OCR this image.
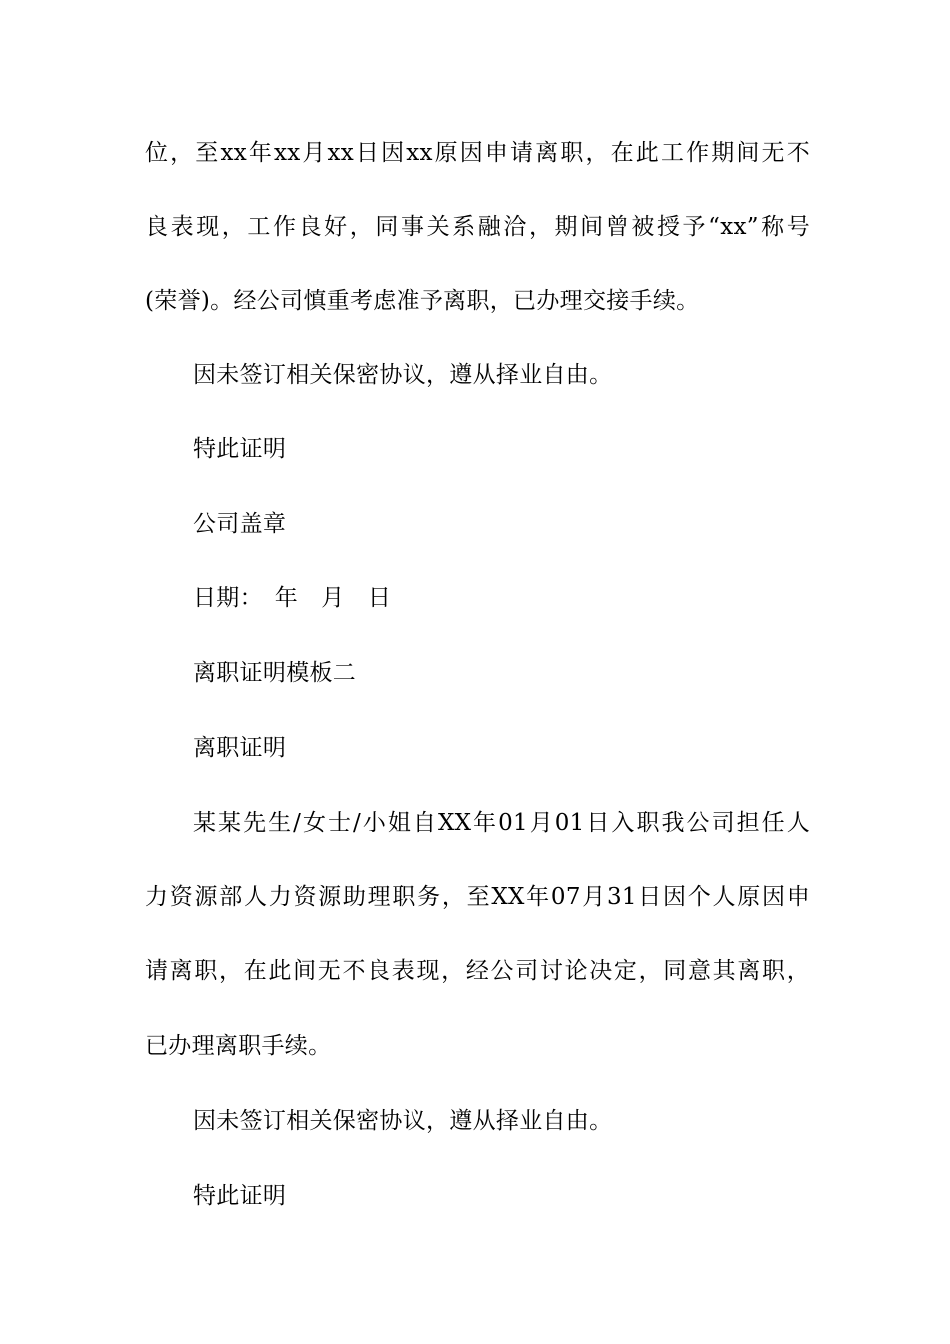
位，至xx年xx月xx日因xx原因申请离职，在此工作期间无不
良表现，工作良好，同事关系融洽，期间曾被授予“xx”称号
(荣誉)。经公司慎重考虑准予离职，已办理交接手续。
因未签订相关保密协议，遵从择业自由。
特此证明
公司盖章
日期：　年　月　日
离职证明模板二
离职证明
某某先生/女士/小姐自XX年01月01日入职我公司担任人
力资源部人力资源助理职务，至XX年07月31日因个人原因申
请离职，在此间无不良表现，经公司讨论决定，同意其离职，
已办理离职手续。
因未签订相关保密协议，遵从择业自由。
特此证明
